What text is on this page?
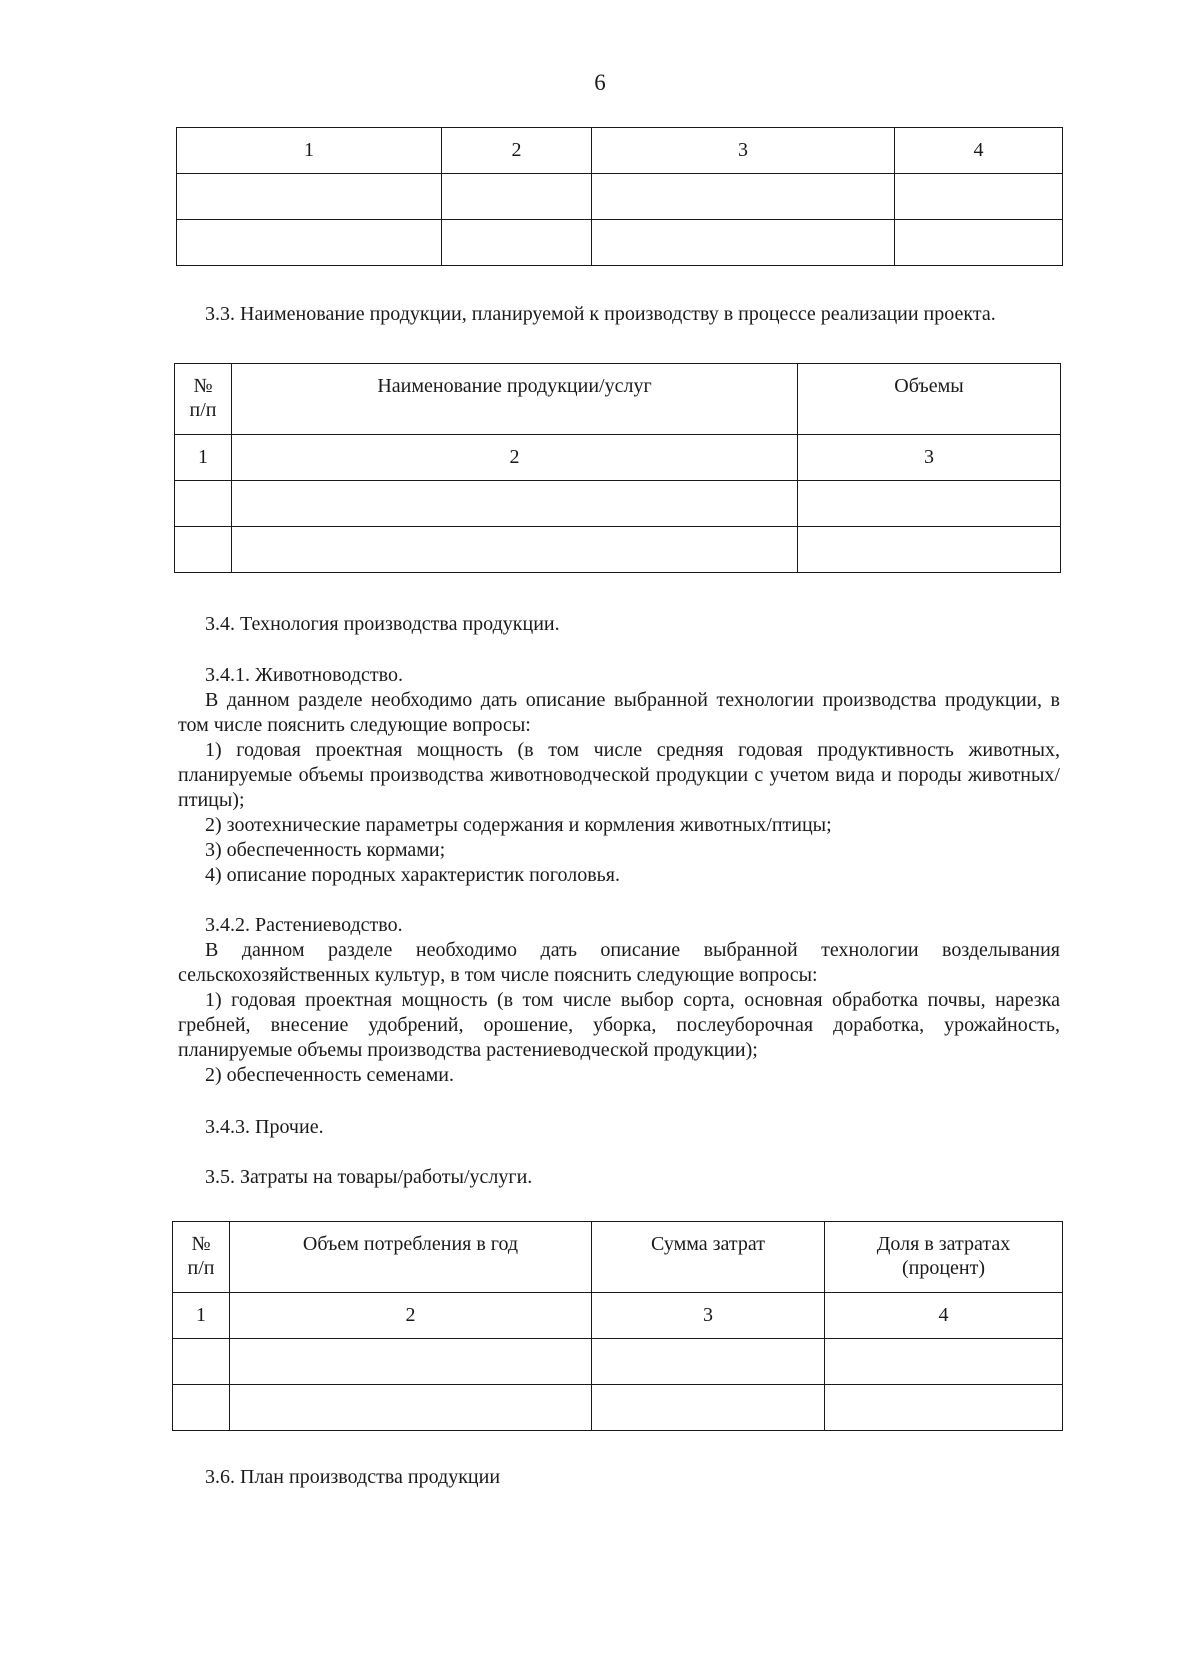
6
1	2	3	4

3.3. Наименование продукции, планируемой к производству в процессе реализации проекта.
№ п/п	Наименование продукции/услуг	Объемы

1	2	3

3.4. Технология производства продукции.
3.4.1. Животноводство.

В данном разделе необходимо дать описание выбранной технологии производства продукции, в том числе пояснить следующие вопросы:

1) годовая проектная мощность (в том числе средняя годовая продуктивность животных, планируемые объемы производства животноводческой продукции с учетом вида и породы животных/птицы);

2) зоотехнические параметры содержания и кормления животных/птицы;
3) обеспеченность кормами;
4) описание породных характеристик поголовья.
3.4.2. Растениеводство.

В данном разделе необходимо дать описание выбранной технологии возделывания сельскохозяйственных культур, в том числе пояснить следующие вопросы:

1) годовая проектная мощность (в том числе выбор сорта, основная обработка почвы, нарезка гребней, внесение удобрений, орошение, уборка, послеуборочная доработка, урожайность, планируемые объемы производства растениеводческой продукции);

2) обеспеченность семенами.
3.4.3. Прочие.
3.5. Затраты на товары/работы/услуги.
№ п/п	Объем потребления в год	Сумма затрат	Доля в затратах (процент)

1	2	3	4

3.6. План производства продукции
